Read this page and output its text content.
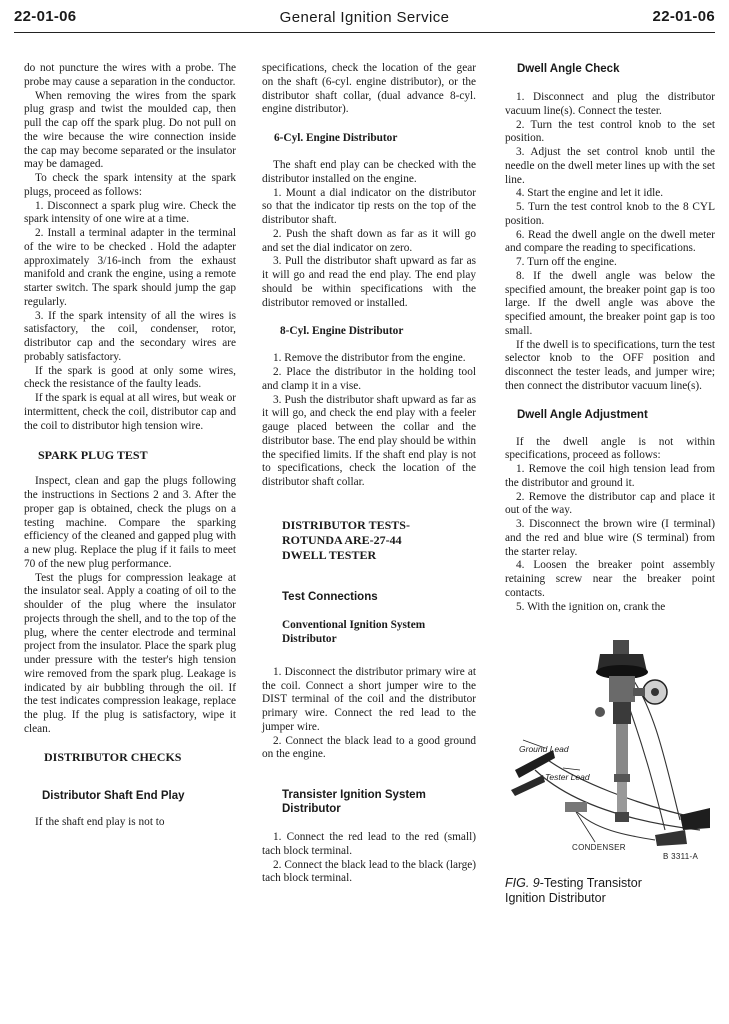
22-01-06	General Ignition Service	22-01-06

do not puncture the wires with a probe. The probe may cause a separation in the conductor.

When removing the wires from the spark plug grasp and twist the moulded cap, then pull the cap off the spark plug. Do not pull on the wire because the wire connection inside the cap may become separated or the insulator may be damaged.

To check the spark intensity at the spark plugs, proceed as follows:

1. Disconnect a spark plug wire. Check the spark intensity of one wire at a time.

2. Install a terminal adapter in the terminal of the wire to be checked . Hold the adapter approximately 3/16-inch from the exhaust manifold and crank the engine, using a remote starter switch. The spark should jump the gap regularly.

3. If the spark intensity of all the wires is satisfactory, the coil, condenser, rotor, distributor cap and the secondary wires are probably satisfactory.

If the spark is good at only some wires, check the resistance of the faulty leads.

If the spark is equal at all wires, but weak or intermittent, check the coil, distributor cap and the coil to distributor high tension wire.

SPARK PLUG TEST

Inspect, clean and gap the plugs following the instructions in Sections 2 and 3. After the proper gap is obtained, check the plugs on a testing machine. Compare the sparking efficiency of the cleaned and gapped plug with a new plug. Replace the plug if it fails to meet 70 of the new plug performance.

Test the plugs for compression leakage at the insulator seal. Apply a coating of oil to the shoulder of the plug where the insulator projects through the shell, and to the top of the plug, where the center electrode and terminal project from the insulator. Place the spark plug under pressure with the tester's high tension wire removed from the spark plug. Leakage is indicated by air bubbling through the oil. If the test indicates compression leakage, replace the plug. If the plug is satisfactory, wipe it clean.

DISTRIBUTOR CHECKS
Distributor Shaft End Play

If the shaft end play is not to

specifications, check the location of the gear on the shaft (6-cyl. engine distributor), or the distributor shaft collar, (dual advance 8-cyl. engine distributor).

6-Cyl. Engine Distributor

The shaft end play can be checked with the distributor installed on the engine.

1. Mount a dial indicator on the distributor so that the indicator tip rests on the top of the distributor shaft.

2. Push the shaft down as far as it will go and set the dial indicator on zero.

3. Pull the distributor shaft upward as far as it will go and read the end play. The end play should be within specifications with the distributor removed or installed.

8-Cyl. Engine Distributor

1. Remove the distributor from the engine.

2. Place the distributor in the holding tool and clamp it in a vise.

3. Push the distributor shaft upward as far as it will go, and check the end play with a feeler gauge placed between the collar and the distributor base. The end play should be within the specified limits. If the shaft end play is not to specifications, check the location of the distributor shaft collar.

DISTRIBUTOR TESTS-
ROTUNDA ARE-27-44
DWELL TESTER
Test Connections
Conventional Ignition System
Distributor

1. Disconnect the distributor primary wire at the coil. Connect a short jumper wire to the DIST terminal of the coil and the distributor primary wire. Connect the red lead to the jumper wire.

2. Connect the black lead to a good ground on the engine.

Transister Ignition System
Distributor

1. Connect the red lead to the red (small) tach block terminal.

2. Connect the black lead to the black (large) tach block terminal.

Dwell Angle Check

1. Disconnect and plug the distributor vacuum line(s). Connect the tester.

2. Turn the test control knob to the set position.

3. Adjust the set control knob until the needle on the dwell meter lines up with the set line.

4. Start the engine and let it idle.

5. Turn the test control knob to the 8 CYL position.

6. Read the dwell angle on the dwell meter and compare the reading to specifications.

7. Turn off the engine.

8. If the dwell angle was below the specified amount, the breaker point gap is too large. If the dwell angle was above the specified amount, the breaker point gap is too small.

If the dwell is to specifications, turn the test selector knob to the OFF position and disconnect the tester leads, and jumper wire; then connect the distributor vacuum line(s).

Dwell Angle Adjustment

If the dwell angle is not within specifications, proceed as follows:

1. Remove the coil high tension lead from the distributor and ground it.

2. Remove the distributor cap and place it out of the way.

3. Disconnect the brown wire (I terminal) and the red and blue wire (S terminal) from the starter relay.

4. Loosen the breaker point assembly retaining screw near the breaker point contacts.

5. With the ignition on, crank the

Ground Lead
Tester Lead
CONDENSER
B 3311-A
FIG. 9-Testing Transistor
Ignition Distributor
